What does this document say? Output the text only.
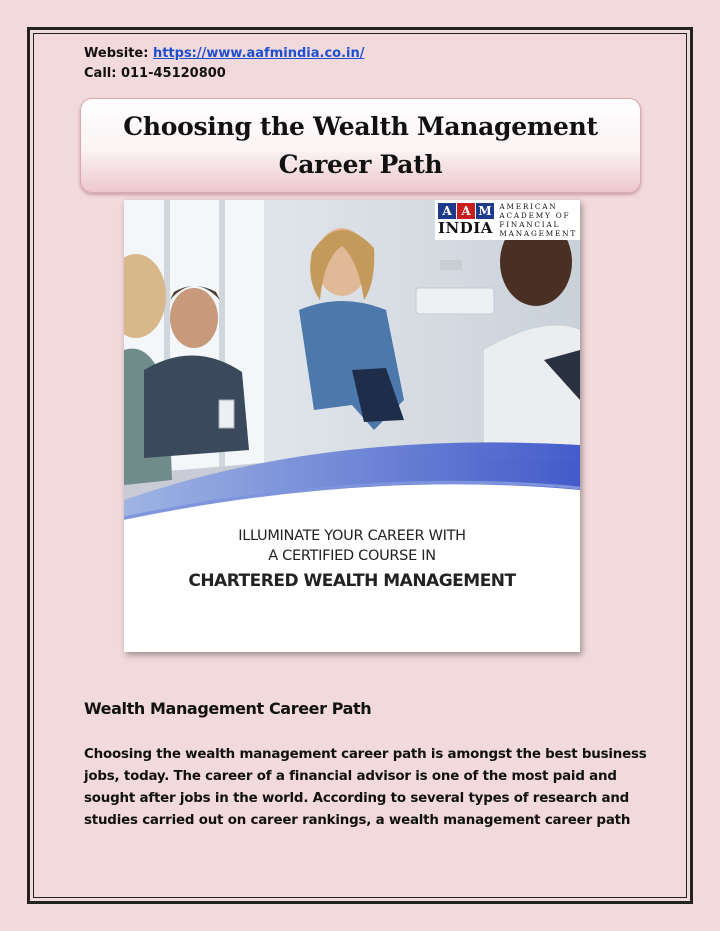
Website: https://www.aafmindia.co.in/
Call: 011-45120800
Choosing the Wealth Management
Career Path
A A M
INDIA
AMERICAN
ACADEMY OF
FINANCIAL
MANAGEMENT
ILLUMINATE YOUR CAREER WITH
A CERTIFIED COURSE IN
CHARTERED WEALTH MANAGEMENT
Wealth Management Career Path
Choosing the wealth management career path is amongst the best business
jobs, today. The career of a financial advisor is one of the most paid and
sought after jobs in the world. According to several types of research and
studies carried out on career rankings, a wealth management career path
